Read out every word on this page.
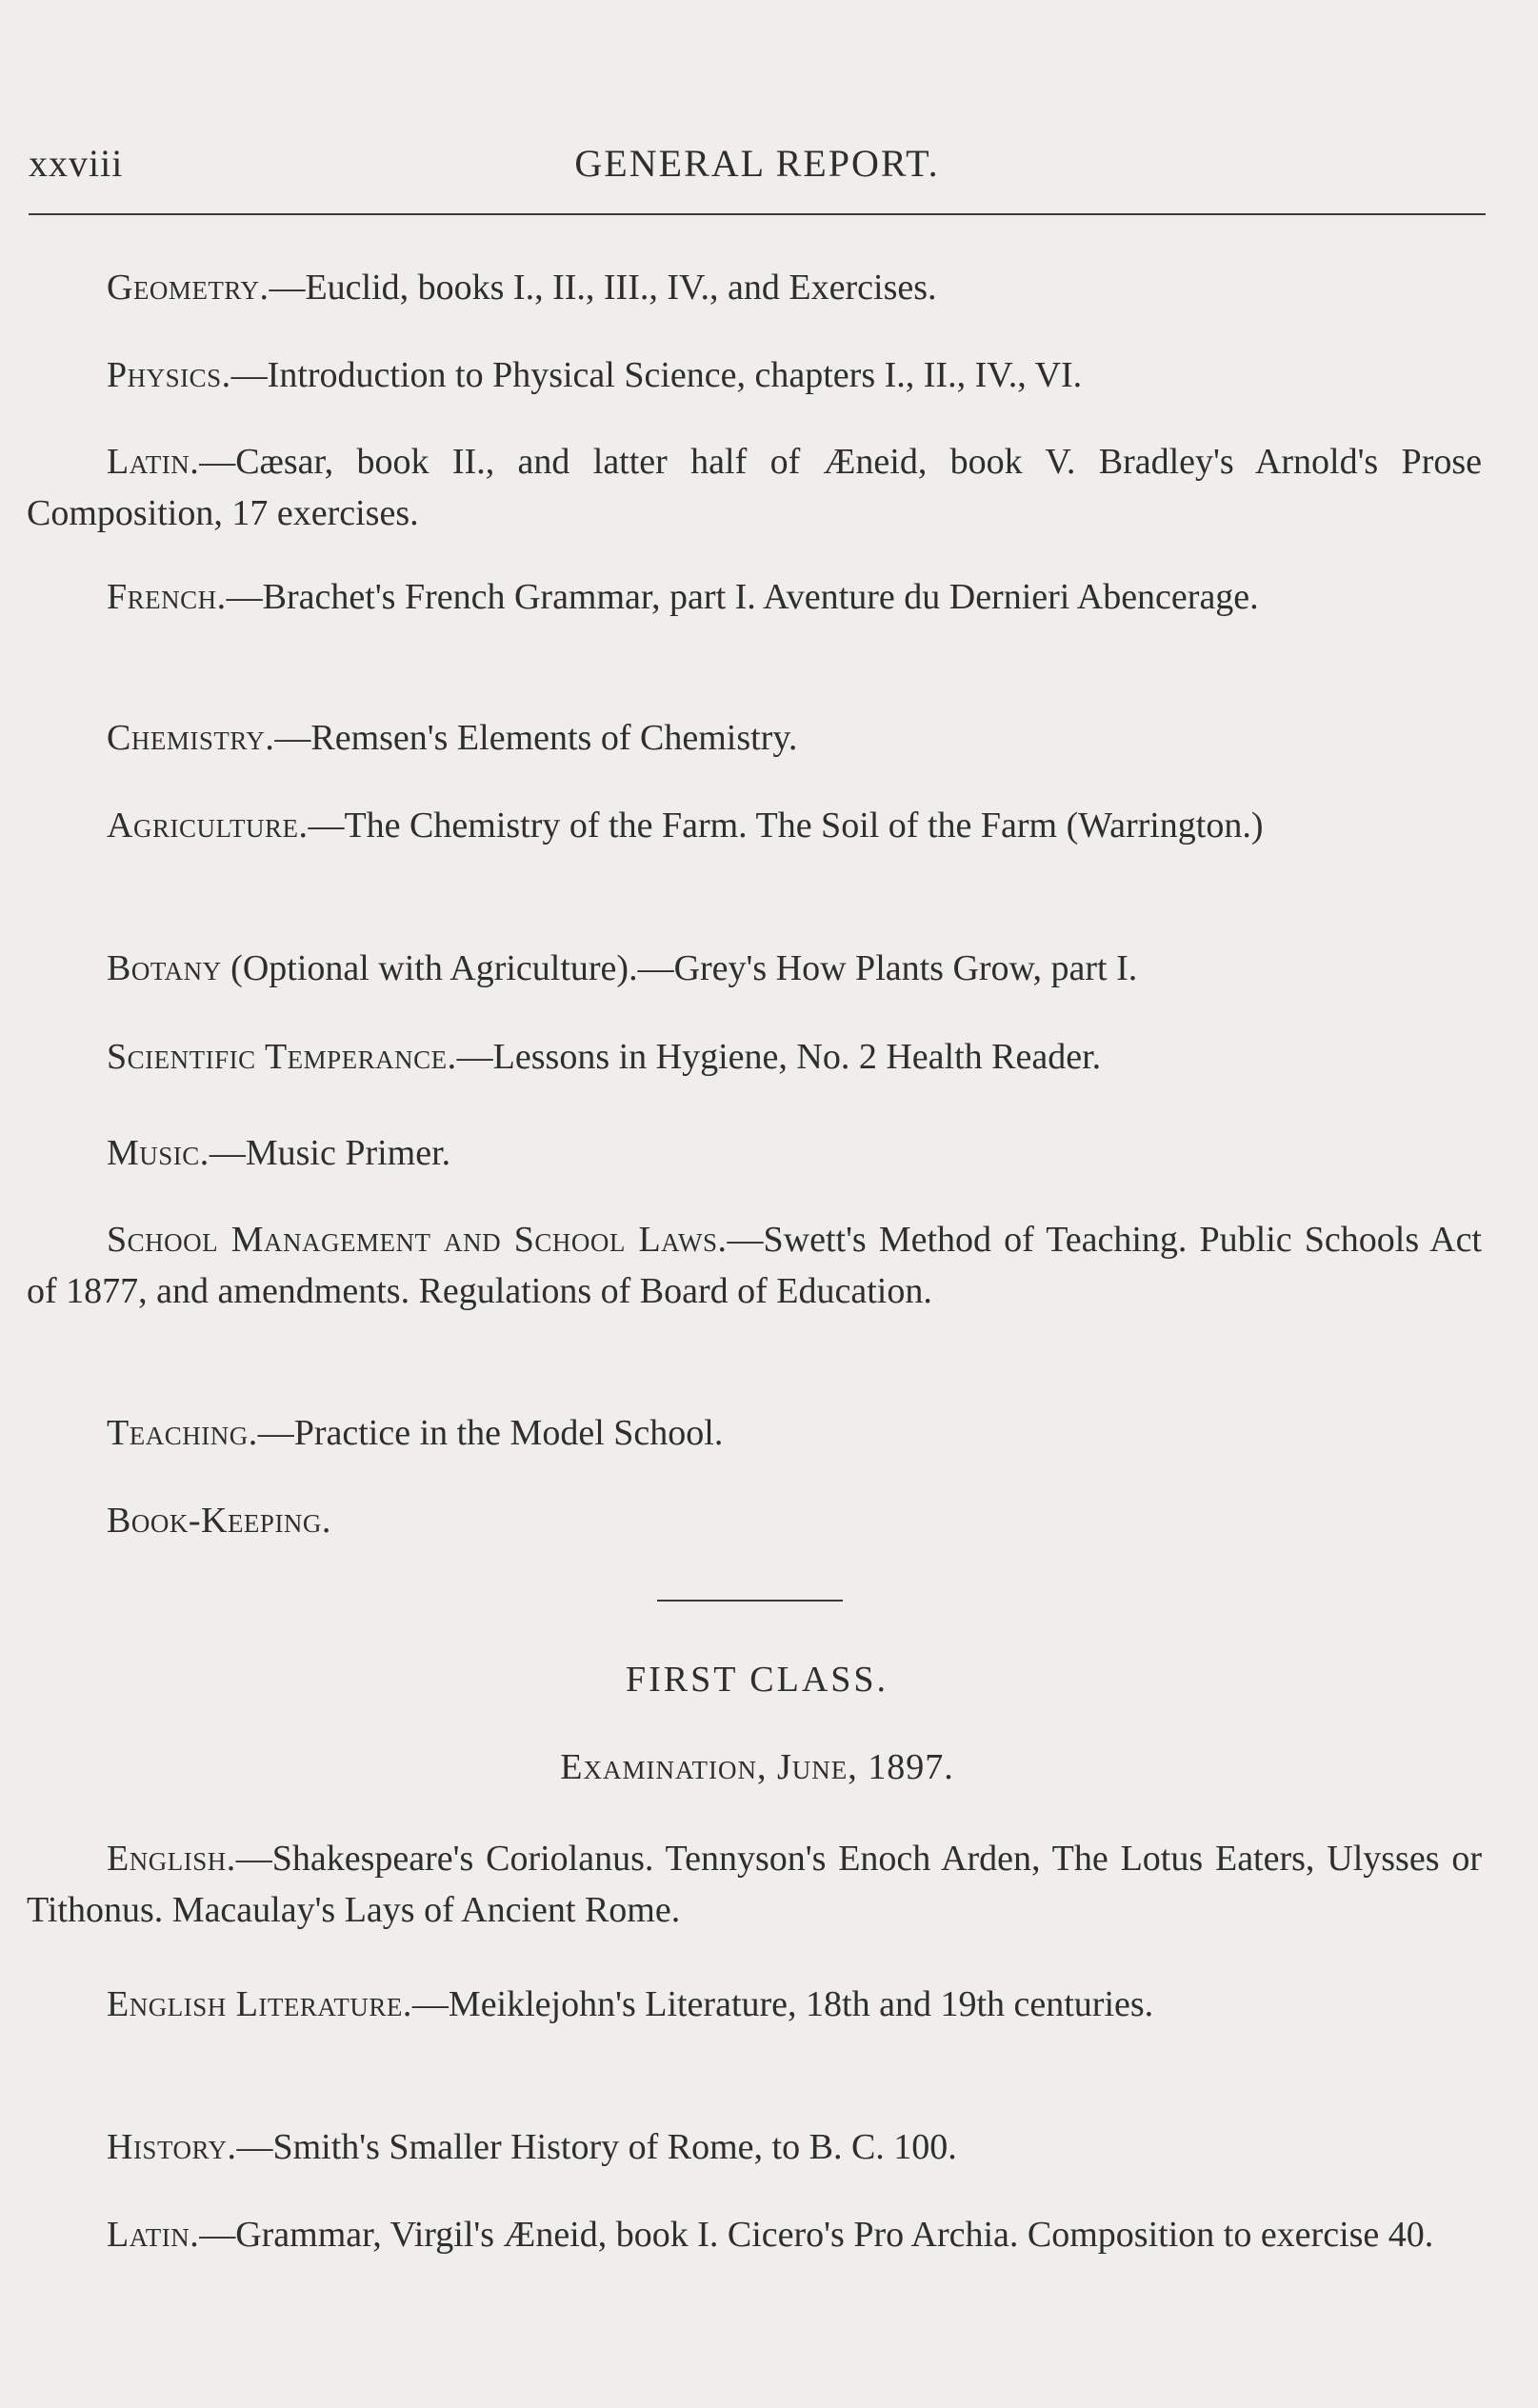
xxviii	GENERAL REPORT.

Geometry.—Euclid, books I., II., III., IV., and Exercises.

Physics.—Introduction to Physical Science, chapters I., II., IV., VI.

Latin.—Cæsar, book II., and latter half of Æneid, book V. Bradley's Arnold's Prose Composition, 17 exercises.

French.—Brachet's French Grammar, part I. Aventure du Dernieri Abencerage.

Chemistry.—Remsen's Elements of Chemistry.

Agriculture.—The Chemistry of the Farm. The Soil of the Farm (Warrington.)

Botany (Optional with Agriculture).—Grey's How Plants Grow, part I.

Scientific Temperance.—Lessons in Hygiene, No. 2 Health Reader.

Music.—Music Primer.

School Management and School Laws.—Swett's Method of Teaching. Public Schools Act of 1877, and amendments. Regulations of Board of Education.

Teaching.—Practice in the Model School.

Book-Keeping.

FIRST CLASS.
Examination, June, 1897.

English.—Shakespeare's Coriolanus. Tennyson's Enoch Arden, The Lotus Eaters, Ulysses or Tithonus. Macaulay's Lays of Ancient Rome.

English Literature.—Meiklejohn's Literature, 18th and 19th centuries.

History.—Smith's Smaller History of Rome, to B. C. 100.

Latin.—Grammar, Virgil's Æneid, book I. Cicero's Pro Archia. Composition to exercise 40.
